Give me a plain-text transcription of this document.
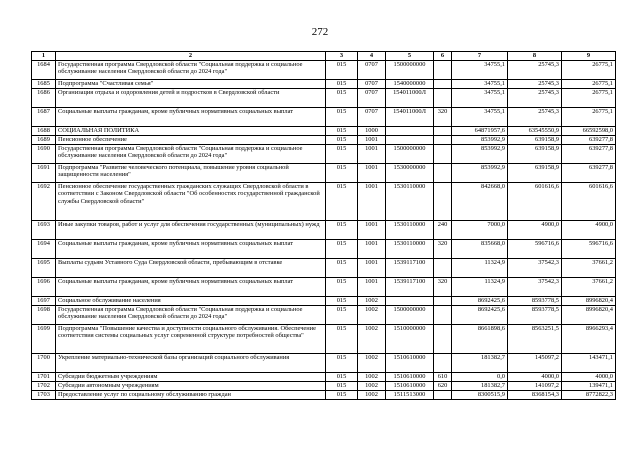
272
1	2	3	4	5	6	7	8	9
1684	Государственная программа Свердловской области "Социальная поддержка и социальное обслуживание населения Свердловской области до 2024 года"	015	0707	1500000000		34755,1	25745,3	26775,1
1685	Подпрограмма "Счастливая семья"	015	0707	1540000000		34755,1	25745,3	26775,1
1686	Организация отдыха и оздоровления детей и подростков в Свердловской области	015	0707	154011000Л		34755,1	25745,3	26775,1
1687	Социальные выплаты гражданам, кроме публичных нормативных социальных выплат	015	0707	154011000Л	320	34755,1	25745,3	26775,1
1688	СОЦИАЛЬНАЯ ПОЛИТИКА	015	1000			64871957,6	63545550,9	66592598,0
1689	Пенсионное обеспечение	015	1001			853992,9	639158,9	639277,8
1690	Государственная программа Свердловской области "Социальная поддержка и социальное обслуживание населения Свердловской области до 2024 года"	015	1001	1500000000		853992,9	639158,9	639277,8
1691	Подпрограмма "Развитие человеческого потенциала, повышение уровня социальной защищенности населения"	015	1001	1530000000		853992,9	639158,9	639277,8
1692	Пенсионное обеспечение государственных гражданских служащих Свердловской области в соответствии с Законом Свердловской области "Об особенностях государственной гражданской службы Свердловской области"	015	1001	1530110000		842668,0	601616,6	601616,6
1693	Иные закупки товаров, работ и услуг для обеспечения государственных (муниципальных) нужд	015	1001	1530110000	240	7000,0	4900,0	4900,0
1694	Социальные выплаты гражданам, кроме публичных нормативных социальных выплат	015	1001	1530110000	320	835668,0	596716,6	596716,6
1695	Выплаты судьям Уставного Суда Свердловской области, пребывающим в отставке	015	1001	1539117100		11324,9	37542,3	37661,2
1696	Социальные выплаты гражданам, кроме публичных нормативных социальных выплат	015	1001	1539117100	320	11324,9	37542,3	37661,2
1697	Социальное обслуживание населения	015	1002			8692425,6	8593778,5	8996820,4
1698	Государственная программа Свердловской области "Социальная поддержка и социальное обслуживание населения Свердловской области до 2024 года"	015	1002	1500000000		8692425,6	8593778,5	8996820,4
1699	Подпрограмма "Повышение качества и доступности социального обслуживания. Обеспечение соответствия системы социальных услуг современной структуре потребностей общества"	015	1002	1510000000		8661898,6	8563251,5	8966293,4
1700	Укрепление материально-технической базы организаций социального обслуживания	015	1002	1510610000		181382,7	145097,2	143471,1
1701	Субсидии бюджетным учреждениям	015	1002	1510610000	610	0,0	4000,0	4000,0
1702	Субсидии автономным учреждениям	015	1002	1510610000	620	181382,7	141097,2	139471,1
1703	Предоставление услуг по социальному обслуживанию граждан	015	1002	1511513000		8300515,9	8368154,3	8772822,3
